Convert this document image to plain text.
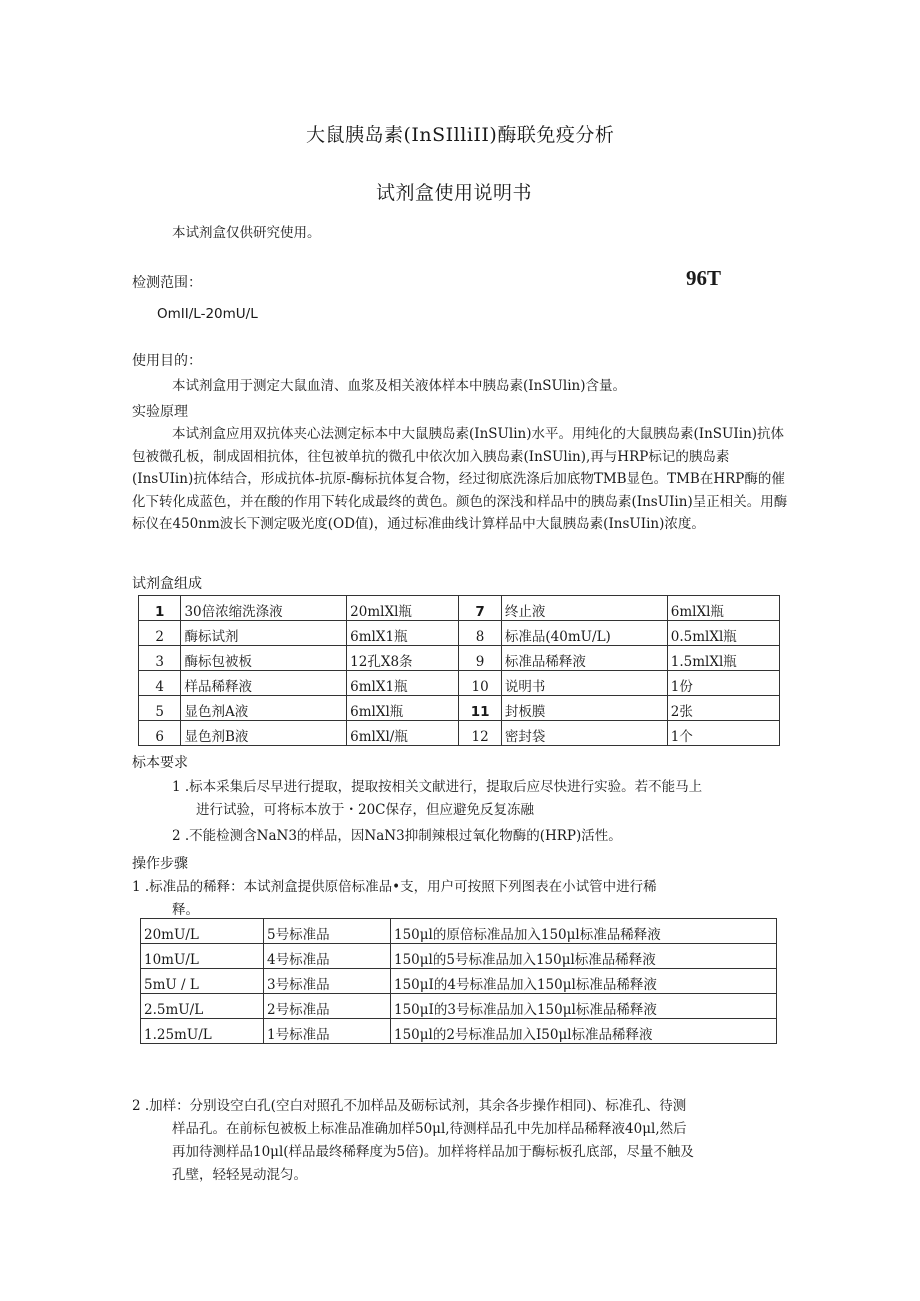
大鼠胰岛素(InSIlliII)酶联免疫分析
试剂盒使用说明书
本试剂盒仅供研究使用。
检测范围：	96T
OmII/L-20mU/L
使用目的：
本试剂盒用于测定大鼠血清、血浆及相关液体样本中胰岛素(InSUlin)含量。
实验原理

本试剂盒应用双抗体夹心法测定标本中大鼠胰岛素(InSUlin)水平。用纯化的大鼠胰岛素(InSUIin)抗体包被微孔板，制成固相抗体，往包被单抗的微孔中依次加入胰岛素(InSUlin),再与HRP标记的胰岛素(InsUIin)抗体结合，形成抗体-抗原-酶标抗体复合物，经过彻底洗涤后加底物TMB显色。TMB在HRP酶的催化下转化成蓝色，并在酸的作用下转化成最终的黄色。颜色的深浅和样品中的胰岛素(InsUIin)呈正相关。用酶标仪在450nm波长下测定吸光度(OD值)，通过标准曲线计算样品中大鼠胰岛素(InsUIin)浓度。

试剂盒组成
1	30倍浓缩洗涤液	20mlXl瓶	7	终止液	6mlXl瓶
2	酶标试剂	6mlX1瓶	8	标准品(40mU/L)	0.5mlXl瓶
3	酶标包被板	12孔X8条	9	标准品稀释液	1.5mlXl瓶
4	样品稀释液	6mlX1瓶	10	说明书	1份
5	显色剂A液	6mlXl瓶	11	封板膜	2张
6	显色剂B液	6mlXl/瓶	12	密封袋	1个
标本要求
1 .标本采集后尽早进行提取，提取按相关文献进行，提取后应尽快进行实验。若不能马上
进行试验，可将标本放于・20C保存，但应避免反复冻融
2 .不能检测含NaN3的样品，因NaN3抑制辣根过氧化物酶的(HRP)活性。
操作步骤
1 .标准品的稀释：本试剂盒提供原倍标准品•支，用户可按照下列图表在小试管中进行稀
释。
20mU/L	5号标准品	150μl的原倍标准品加入150μl标准品稀释液
10mU/L	4号标准品	150μl的5号标准品加入150μl标准品稀释液
5mU / L	3号标准品	150μI的4号标准品加入150μl标准品稀释液
2.5mU/L	2号标准品	150μI的3号标准品加入150μl标准品稀释液
1.25mU/L	1号标准品	150μl的2号标准品加入I50μl标准品稀释液
2 .加样：分别设空白孔(空白对照孔不加样品及砺标试剂，其余各步操作相同)、标准孔、待测
样品孔。在前标包被板上标准品准确加样50μl,待测样品孔中先加样品稀释液40μl,然后
再加待测样品10μl(样品最终稀释度为5倍)。加样将样品加于酶标板孔底部，尽量不触及
孔壁，轻轻晃动混匀。
